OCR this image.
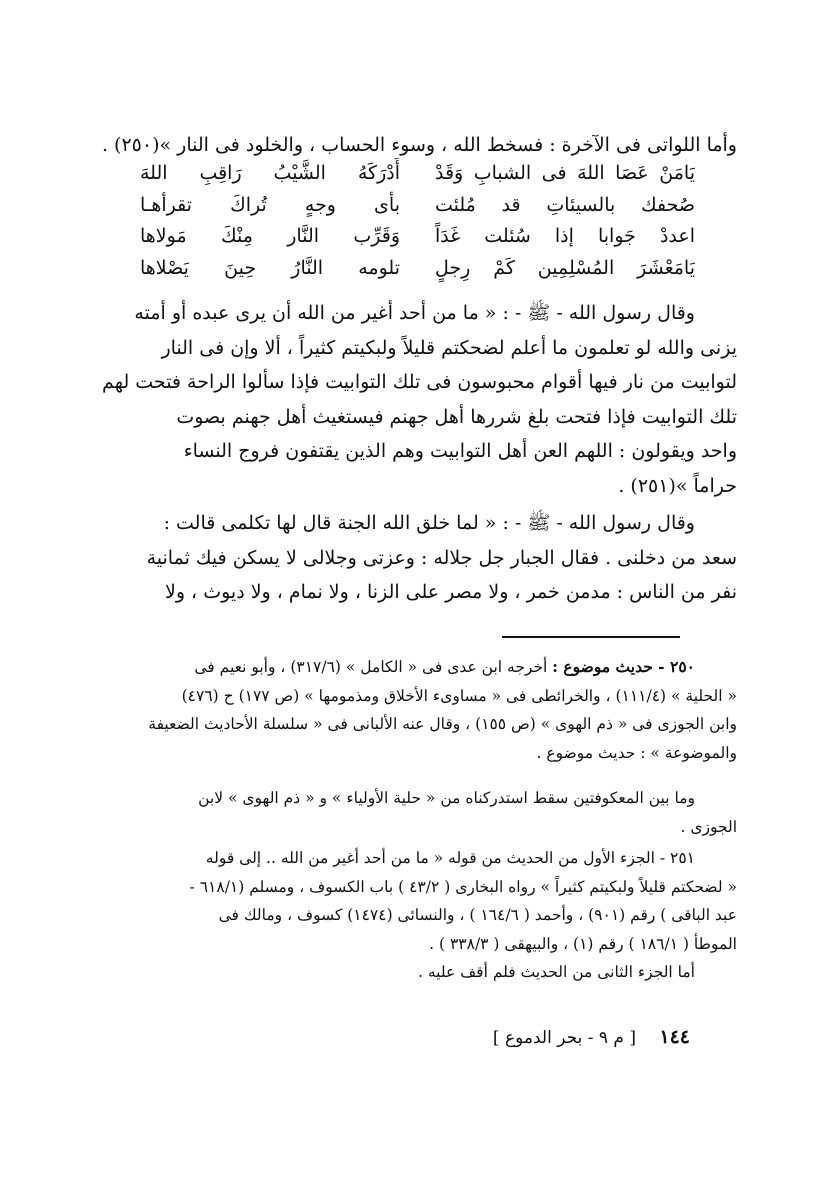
وأما اللواتى فى الآخرة : فسخط الله ، وسوء الحساب ، والخلود فى النار »(٢٥٠) .
يَامَنْ عَصَا اللهَ فى الشبابِ وَقَدْ
أَدْرَكَهُ الشَّيْبُ رَاقِبِ اللهَ
صُحفك بالسيئاتِ قد مُلئت
بأى وجهٍ تُراكَ تقرأهـا
اعددْ جَوابا إذا سُئلت غَدَاً
وَقَرِّب النَّار مِنْكَ مَولاها
يَامَعْشَرَ المُسْلِمِين كَمْ رِجلٍ
تلومه النَّارُ حِينَ يَصْلاها
وقال رسول الله - ﷺ - : « ما من أحد أغير من الله أن يرى عبده أو أمته
يزنى والله لو تعلمون ما أعلم لضحكتم قليلاً ولبكيتم كثيراً ، ألا وإن فى النار
لتوابيت من نار فيها أقوام محبوسون فى تلك التوابيت فإذا سألوا الراحة فتحت لهم
تلك التوابيت فإذا فتحت بلغ شررها أهل جهنم فيستغيث أهل جهنم بصوت
واحد ويقولون : اللهم العن أهل التوابيت وهم الذين يقتفون فروج النساء
حراماً »(٢٥١) .
وقال رسول الله - ﷺ - : « لما خلق الله الجنة قال لها تكلمى قالت :
سعد من دخلنى . فقال الجبار جل جلاله : وعزتى وجلالى لا يسكن فيك ثمانية
نفر من الناس : مدمن خمر ، ولا مصر على الزنا ، ولا نمام ، ولا ديوث ، ولا
٢٥٠ - حديث موضوع : أخرجه ابن عدى فى « الكامل » (٣١٧/٦) ، وأبو نعيم فى
« الحلية » (١١١/٤) ، والخرائطى فى « مساوىء الأخلاق ومذمومها » (ص ١٧٧) ح (٤٧٦)
وابن الجوزى فى « ذم الهوى » (ص ١٥٥) ، وقال عنه الألبانى فى « سلسلة الأحاديث الضعيفة
والموضوعة » : حديث موضوع .
وما بين المعكوفتين سقط استدركناه من « حلية الأولياء » و « ذم الهوى » لابن
الجوزى .
٢٥١ - الجزء الأول من الحديث من قوله « ما من أحد أغير من الله .. إلى قوله
« لضحكتم قليلاً ولبكيتم كثيراً » رواه البخارى ( ٤٣/٢ ) باب الكسوف ، ومسلم (٦١٨/١ -
عبد الباقى ) رقم (٩٠١) ، وأحمد ( ١٦٤/٦ ) ، والنسائى (١٤٧٤) كسوف ، ومالك فى
الموطأ ( ١٨٦/١ ) رقم (١) ، والبيهقى ( ٣٣٨/٣ ) .
أما الجزء الثانى من الحديث فلم أقف عليه .
١٤٤ [ م ٩ - بحر الدموع ]
